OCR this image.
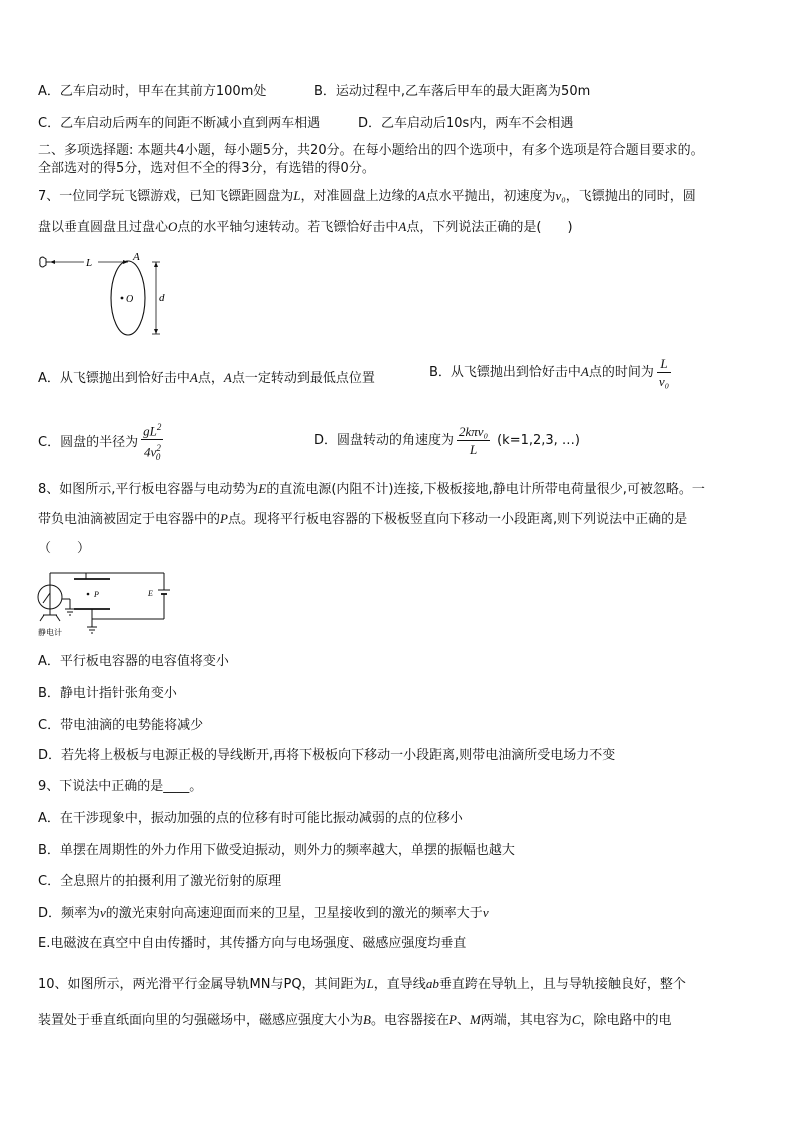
A．乙车启动时，甲车在其前方100m处	B．运动过程中,乙车落后甲车的最大距离为50m
C．乙车启动后两车的间距不断减小直到两车相遇	D．乙车启动后10s内，两车不会相遇
二、多项选择题: 本题共4小题，每小题5分，共20分。在每小题给出的四个选项中，有多个选项是符合题目要求的。
全部选对的得5分，选对但不全的得3分，有选错的得0分。
7、一位同学玩飞镖游戏，已知飞镖距圆盘为L，对准圆盘上边缘的A点水平抛出，初速度为v₀，飞镖抛出的同时，圆
盘以垂直圆盘且过盘心O点的水平轴匀速转动。若飞镖恰好击中A点，下列说法正确的是(　　)
L	A
O d
A．从飞镖抛出到恰好击中A点，A点一定转动到最低点位置	B．从飞镖抛出到恰好击中A点的时间为 $\frac{L}{\text{v₀}}$
C．圆盘的半径为 $\frac{gL^2}{4v^2_0}$	D．圆盘转动的角速度为 $\frac{\text{2kπv₀}}{L} (k=1,2,3$, …)
8、如图所示,平行板电容器与电动势为E的直流电源(内阻不计)连接,下极板接地,静电计所带电荷量很少,可被忽略。一
带负电油滴被固定于电容器中的P点。现将平行板电容器的下极板竖直向下移动一小段距离,则下列说法中正确的是
（　　）
静电计
P	E
A．平行板电容器的电容值将变小
B．静电计指针张角变小
C．带电油滴的电势能将减少
D．若先将上极板与电源正极的导线断开,再将下极板向下移动一小段距离,则带电油滴所受电场力不变
9、下说法中正确的是____。
A．在干涉现象中，振动加强的点的位移有时可能比振动减弱的点的位移小
B．单摆在周期性的外力作用下做受迫振动，则外力的频率越大，单摆的振幅也越大
C．全息照片的拍摄利用了激光衍射的原理
D．频率为ν的激光束射向高速迎面而来的卫星，卫星接收到的激光的频率大于ν
E.电磁波在真空中自由传播时，其传播方向与电场强度、磁感应强度均垂直
10、如图所示，两光滑平行金属导轨MN与PQ，其间距为L，直导线ab垂直跨在导轨上，且与导轨接触良好，整个
装置处于垂直纸面向里的匀强磁场中，磁感应强度大小为B。电容器接在P、M两端，其电容为C，除电路中的电
